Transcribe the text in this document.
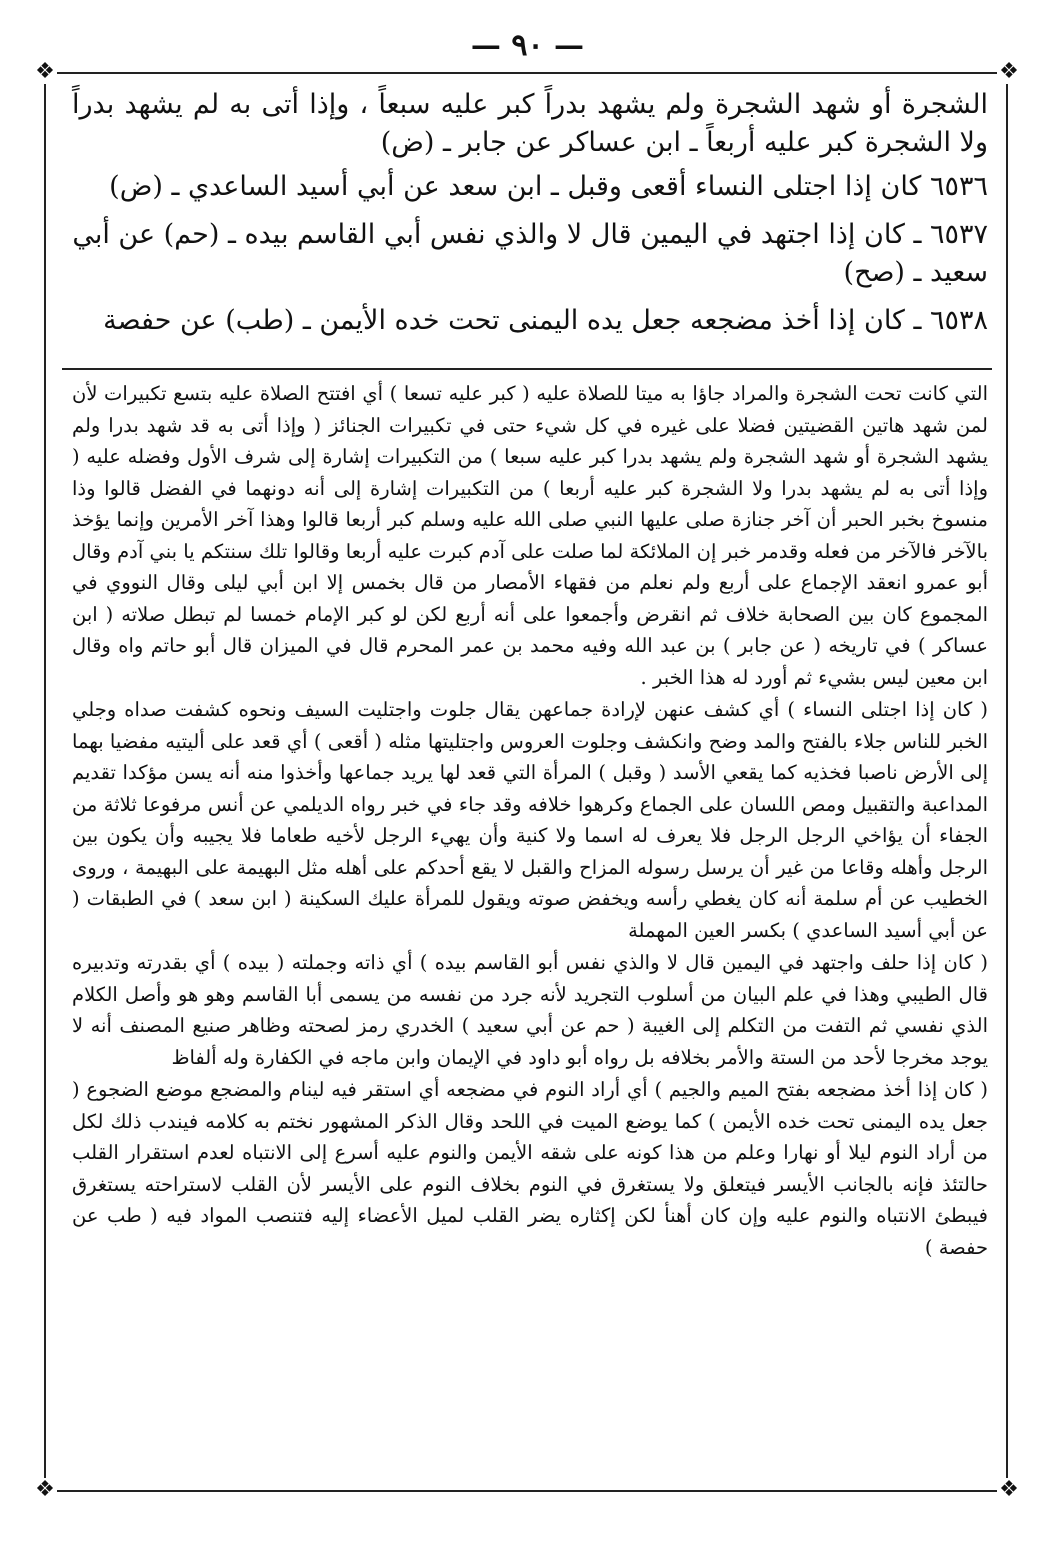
— ٩٠ —
❖	❖
❖	❖

الشجرة أو شهد الشجرة ولم يشهد بدراً كبر عليه سبعاً ، وإذا أتى به لم يشهد بدراً ولا الشجرة كبر عليه أربعاً ـ ابن عساكر عن جابر ـ (ض)

٦٥٣٦ كان إذا اجتلى النساء أقعى وقبل ـ ابن سعد عن أبي أسيد الساعدي ـ (ض)
٦٥٣٧ ـ كان إذا اجتهد في اليمين قال لا والذي نفس أبي القاسم بيده ـ (حم) عن أبي سعيد ـ (صح)
٦٥٣٨ ـ كان إذا أخذ مضجعه جعل يده اليمنى تحت خده الأيمن ـ (طب) عن حفصة

التي كانت تحت الشجرة والمراد جاؤا به ميتا للصلاة عليه ( كبر عليه تسعا ) أي افتتح الصلاة عليه بتسع تكبيرات لأن لمن شهد هاتين القضيتين فضلا على غيره في كل شيء حتى في تكبيرات الجنائز ( وإذا أتى به قد شهد بدرا ولم يشهد الشجرة أو شهد الشجرة ولم يشهد بدرا كبر عليه سبعا ) من التكبيرات إشارة إلى شرف الأول وفضله عليه ( وإذا أتى به لم يشهد بدرا ولا الشجرة كبر عليه أربعا ) من التكبيرات إشارة إلى أنه دونهما في الفضل قالوا وذا منسوخ بخبر الحبر أن آخر جنازة صلى عليها النبي صلى الله عليه وسلم كبر أربعا قالوا وهذا آخر الأمرين وإنما يؤخذ بالآخر فالآخر من فعله وقدمر خبر إن الملائكة لما صلت على آدم كبرت عليه أربعا وقالوا تلك سنتكم يا بني آدم وقال أبو عمرو انعقد الإجماع على أربع ولم نعلم من فقهاء الأمصار من قال بخمس إلا ابن أبي ليلى وقال النووي في المجموع كان بين الصحابة خلاف ثم انقرض وأجمعوا على أنه أربع لكن لو كبر الإمام خمسا لم تبطل صلاته ( ابن عساكر ) في تاريخه ( عن جابر ) بن عبد الله وفيه محمد بن عمر المحرم قال في الميزان قال أبو حاتم واه وقال ابن معين ليس بشيء ثم أورد له هذا الخبر .

( كان إذا اجتلى النساء ) أي كشف عنهن لإرادة جماعهن يقال جلوت واجتليت السيف ونحوه كشفت صداه وجلي الخبر للناس جلاء بالفتح والمد وضح وانكشف وجلوت العروس واجتليتها مثله ( أقعى ) أي قعد على أليتيه مفضيا بهما إلى الأرض ناصبا فخذيه كما يقعي الأسد ( وقبل ) المرأة التي قعد لها يريد جماعها وأخذوا منه أنه يسن مؤكدا تقديم المداعبة والتقبيل ومص اللسان على الجماع وكرهوا خلافه وقد جاء في خبر رواه الديلمي عن أنس مرفوعا ثلاثة من الجفاء أن يؤاخي الرجل الرجل فلا يعرف له اسما ولا كنية وأن يهيء الرجل لأخيه طعاما فلا يجيبه وأن يكون بين الرجل وأهله وقاعا من غير أن يرسل رسوله المزاح والقبل لا يقع أحدكم على أهله مثل البهيمة على البهيمة ، وروى الخطيب عن أم سلمة أنه كان يغطي رأسه ويخفض صوته ويقول للمرأة عليك السكينة ( ابن سعد ) في الطبقات ( عن أبي أسيد الساعدي ) بكسر العين المهملة

( كان إذا حلف واجتهد في اليمين قال لا والذي نفس أبو القاسم بيده ) أي ذاته وجملته ( بيده ) أي بقدرته وتدبيره قال الطيبي وهذا في علم البيان من أسلوب التجريد لأنه جرد من نفسه من يسمى أبا القاسم وهو هو وأصل الكلام الذي نفسي ثم التفت من التكلم إلى الغيبة ( حم عن أبي سعيد ) الخدري رمز لصحته وظاهر صنيع المصنف أنه لا يوجد مخرجا لأحد من الستة والأمر بخلافه بل رواه أبو داود في الإيمان وابن ماجه في الكفارة وله ألفاظ

( كان إذا أخذ مضجعه بفتح الميم والجيم ) أي أراد النوم في مضجعه أي استقر فيه لينام والمضجع موضع الضجوع ( جعل يده اليمنى تحت خده الأيمن ) كما يوضع الميت في اللحد وقال الذكر المشهور نختم به كلامه فيندب ذلك لكل من أراد النوم ليلا أو نهارا وعلم من هذا كونه على شقه الأيمن والنوم عليه أسرع إلى الانتباه لعدم استقرار القلب حالتئذ فإنه بالجانب الأيسر فيتعلق ولا يستغرق في النوم بخلاف النوم على الأيسر لأن القلب لاستراحته يستغرق فيبطئ الانتباه والنوم عليه وإن كان أهنأ لكن إكثاره يضر القلب لميل الأعضاء إليه فتنصب المواد فيه ( طب عن حفصة )
